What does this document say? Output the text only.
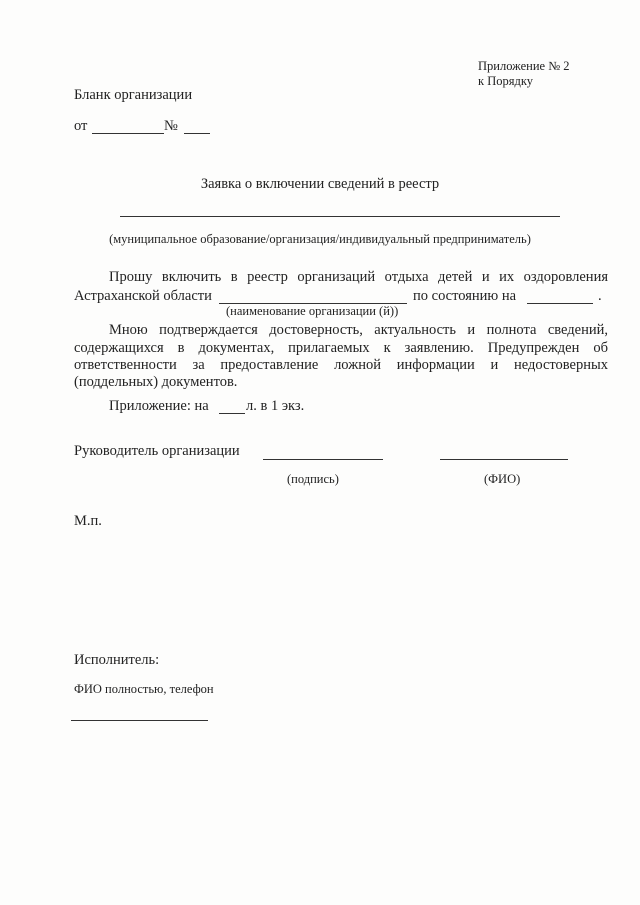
Приложение № 2
к Порядку
Бланк организации
от	№
Заявка о включении сведений в реестр
(муниципальное образование/организация/индивидуальный предприниматель)
Прошу включить в реестр организаций отдыха детей и их оздоровления
Астраханской области	по состоянию на	.
(наименование организации (й))
Мною подтверждается достоверность, актуальность и полнота сведений,
содержащихся в документах, прилагаемых к заявлению. Предупрежден об
ответственности за предоставление ложной информации и недостоверных
(поддельных) документов.
Приложение: на	л. в 1 экз.
Руководитель организации
(подпись)	(ФИО)
М.п.
Исполнитель:
ФИО полностью, телефон
